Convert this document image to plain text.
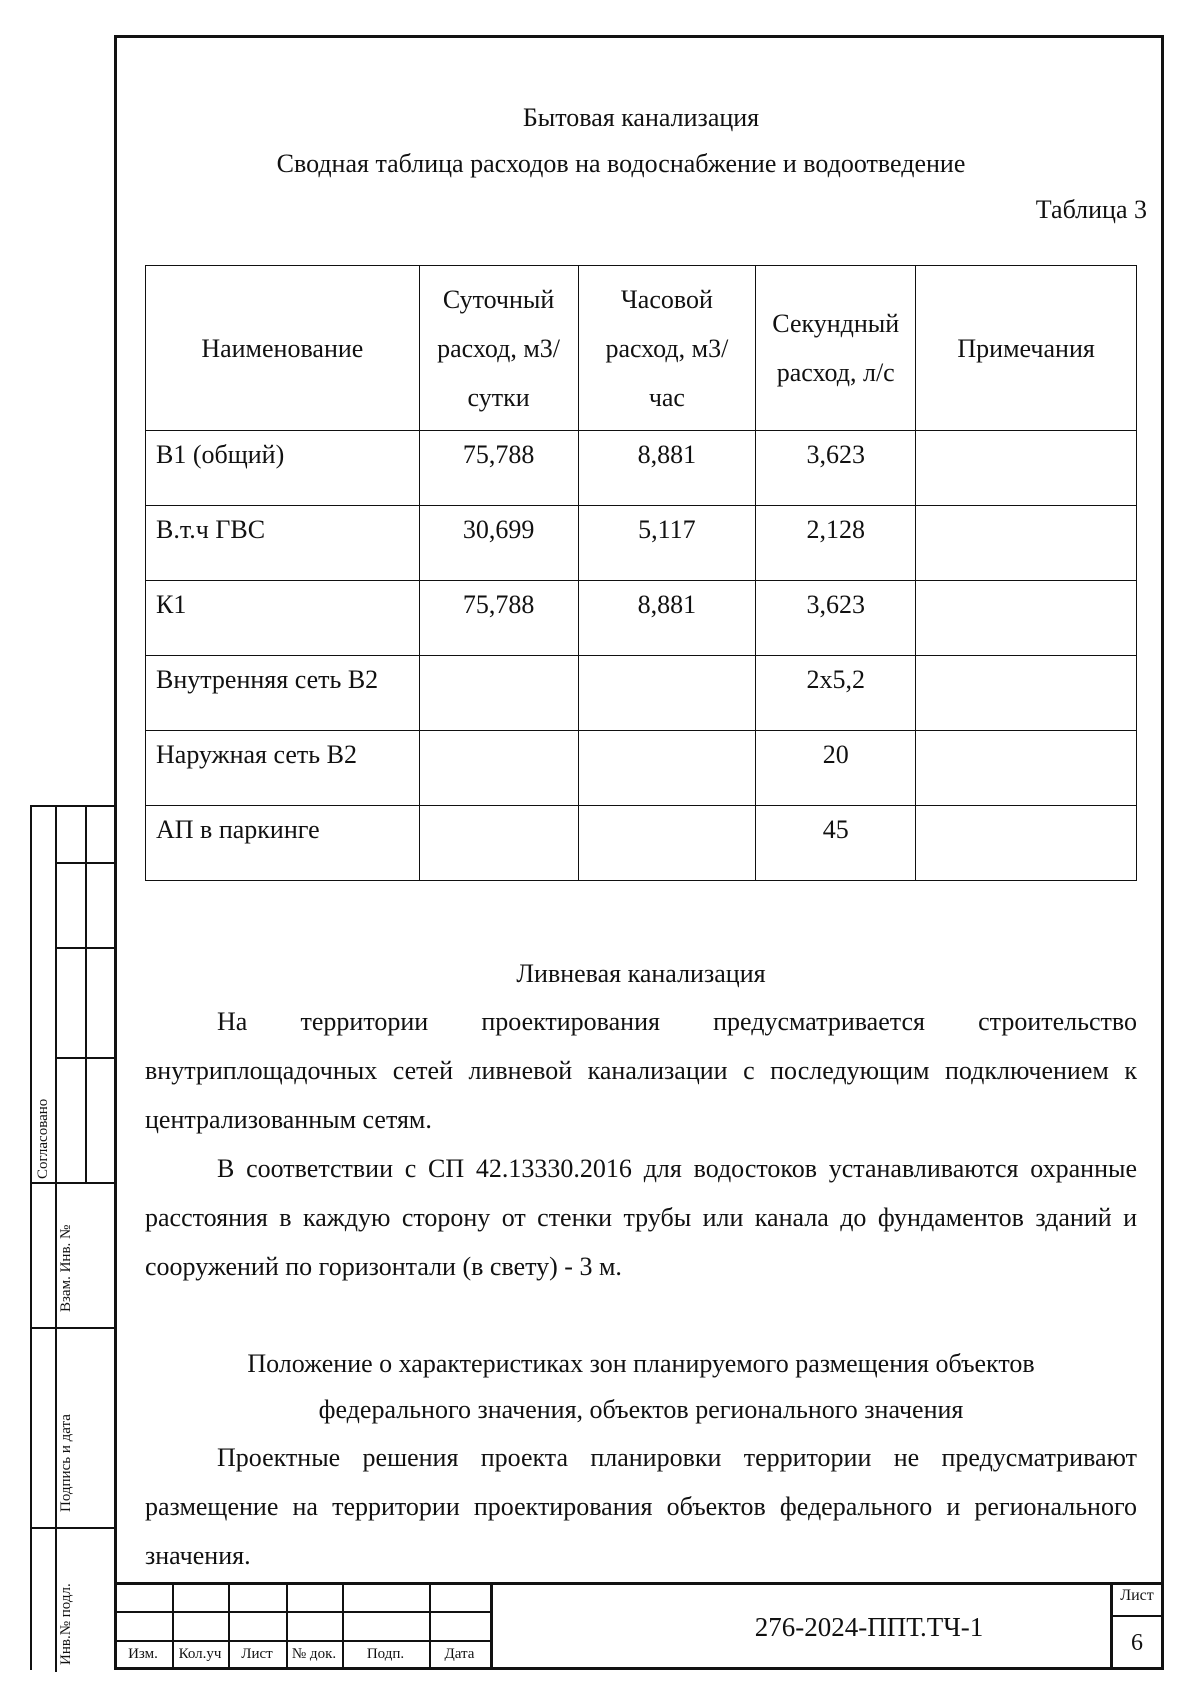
Бытовая канализация
Сводная таблица расходов на водоснабжение и водоотведение
Таблица 3
Наименование	Суточный расход, м3/сутки	Часовой расход, м3/час	Секундный расход, л/с	Примечания
В1 (общий)	75,788	8,881	3,623	
В.т.ч ГВС	30,699	5,117	2,128	
К1	75,788	8,881	3,623	
Внутренняя сеть В2			2х5,2	
Наружная сеть В2			20	
АП в паркинге			45	
Ливневая канализация

На территории проектирования предусматривается строительство внутриплощадочных сетей ливневой канализации с последующим подключением к централизованным сетям.

В соответствии с СП 42.13330.2016 для водостоков устанавливаются охранные расстояния в каждую сторону от стенки трубы или канала до фундаментов зданий и сооружений по горизонтали (в свету) - 3 м.

Положение о характеристиках зон планируемого размещения объектов
федерального значения, объектов регионального значения

Проектные решения проекта планировки территории не предусматривают размещение на территории проектирования объектов федерального и регионального значения.

Согласовано
Взам. Инв. №
Подпись и дата
Инв.№ подл.	Изм.	Кол.уч	Лист	№ док.	Подп.	Дата
276-2024-ППТ.ТЧ-1
Лист
6
